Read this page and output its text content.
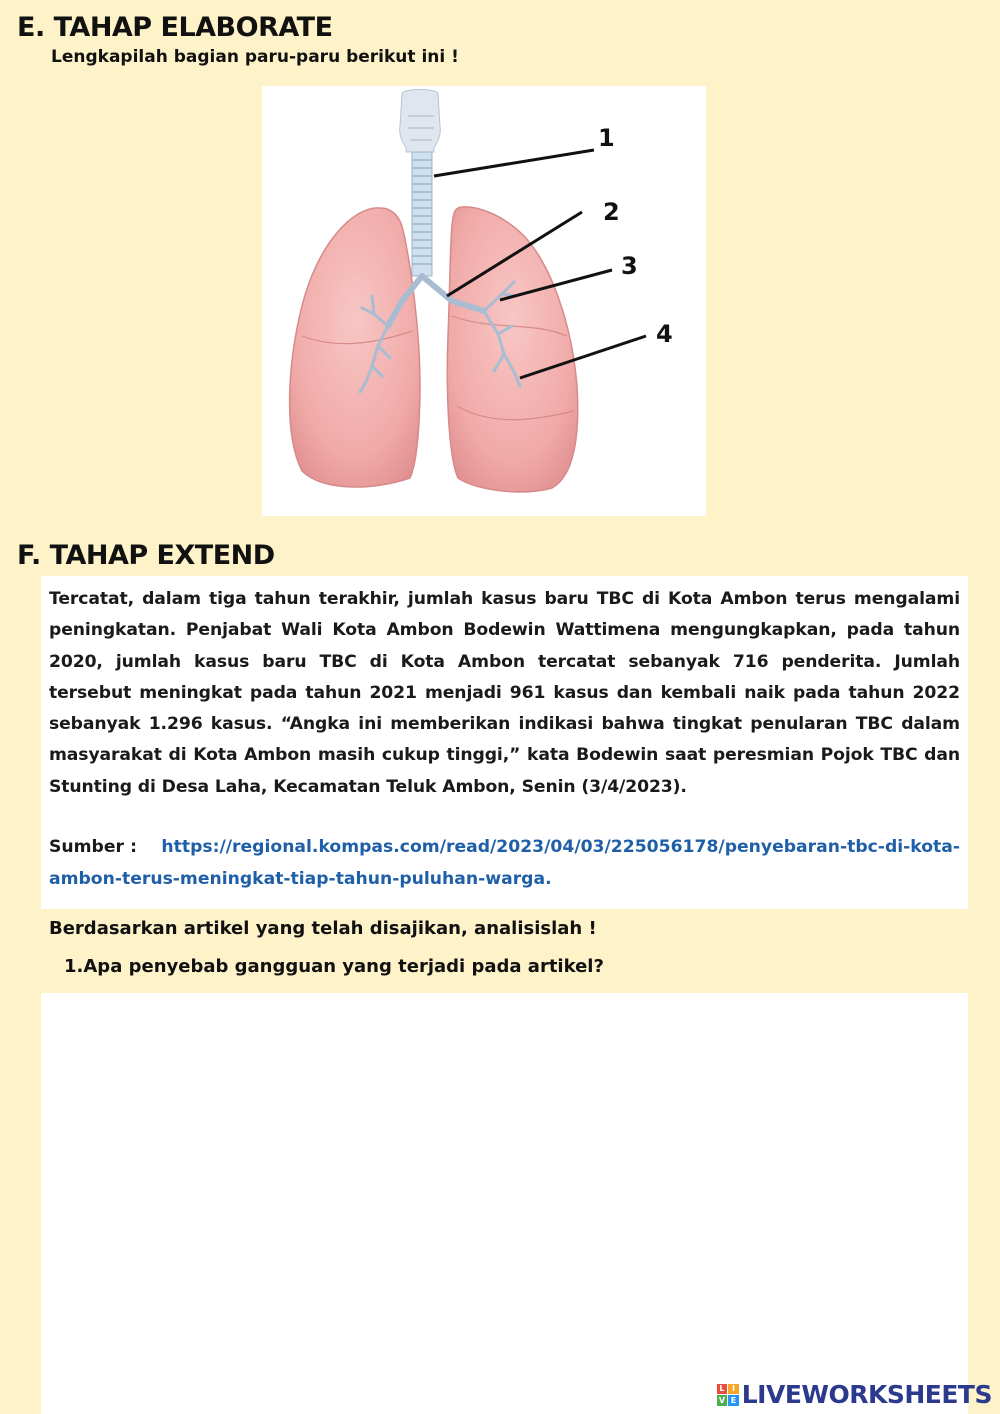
E. TAHAP ELABORATE
Lengkapilah bagian paru-paru berikut ini !
1
2
3
4
F. TAHAP EXTEND
Tercatat, dalam tiga tahun terakhir, jumlah kasus baru TBC di Kota Ambon terus mengalami peningkatan. Penjabat Wali Kota Ambon Bodewin Wattimena mengungkapkan, pada tahun 2020, jumlah kasus baru TBC di Kota Ambon tercatat sebanyak 716 penderita. Jumlah tersebut meningkat pada tahun 2021 menjadi 961 kasus dan kembali naik pada tahun 2022 sebanyak 1.296 kasus. “Angka ini memberikan indikasi bahwa tingkat penularan TBC dalam masyarakat di Kota Ambon masih cukup tinggi,” kata Bodewin saat peresmian Pojok TBC dan Stunting di Desa Laha, Kecamatan Teluk Ambon, Senin (3/4/2023).
Sumber : https://regional.kompas.com/read/2023/04/03/225056178/penyebaran-tbc-di-kota-ambon-terus-meningkat-tiap-tahun-puluhan-warga.
Berdasarkan artikel yang telah disajikan, analisislah !
1.Apa penyebab gangguan yang terjadi pada artikel?
L I
V E LIVEWORKSHEETS
